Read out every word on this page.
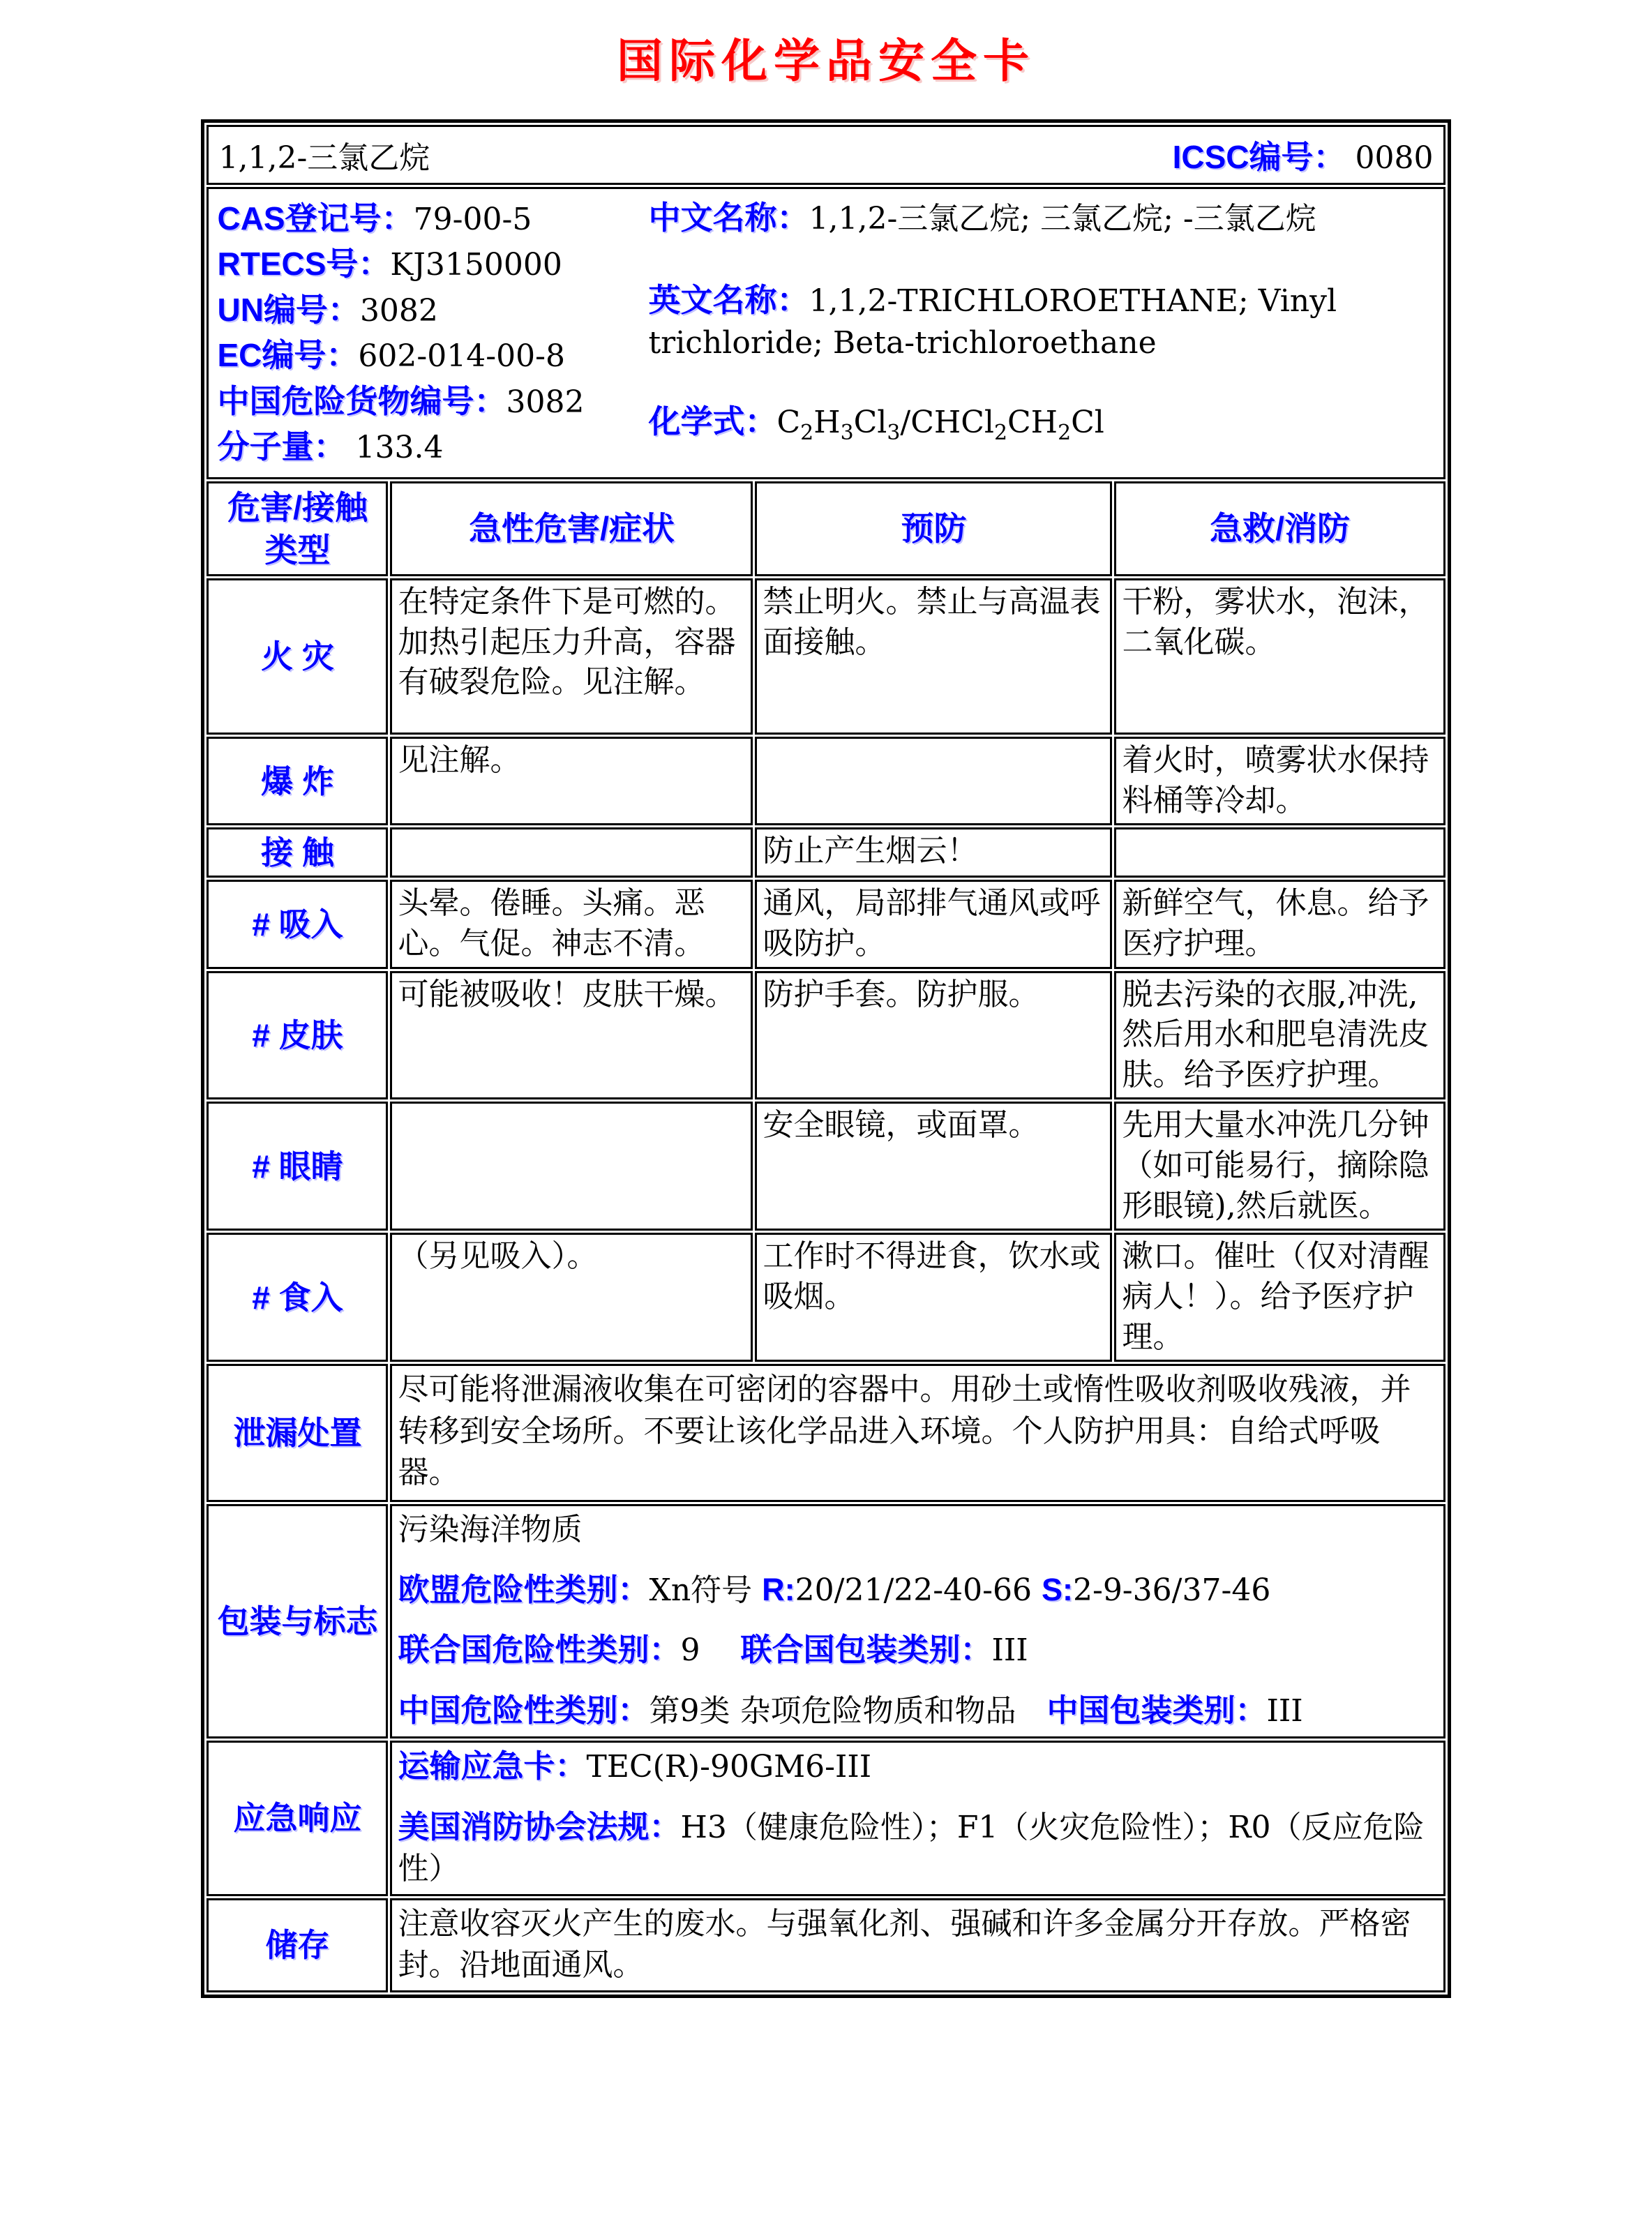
国际化学品安全卡
1,1,2-三氯乙烷 ICSC编号： 0080			

CAS登记号：79-00-5
RTECS号：KJ3150000
UN编号：3082
EC编号：602-014-00-8
中国危险货物编号：3082
分子量： 133.4
中文名称：1,1,2-三氯乙烷; 三氯乙烷; -三氯乙烷
英文名称：1,1,2-TRICHLOROETHANE; Vinyl trichloride; Beta-trichloroethane
化学式：$C_2H_3Cl_3/CHCl_2CH_2Cl$

危害/接触 类型	急性危害/症状	预防	急救/消防
火 灾	在特定条件下是可燃的。加热引起压力升高，容器有破裂危险。见注解。	禁止明火。禁止与高温表面接触。	干粉，雾状水，泡沫，二氧化碳。
爆 炸	见注解。		着火时，喷雾状水保持料桶等冷却。
接 触		防止产生烟云！	
# 吸入	头晕。倦睡。头痛。恶心。气促。神志不清。	通风，局部排气通风或呼吸防护。	新鲜空气，休息。给予医疗护理。
# 皮肤	可能被吸收！皮肤干燥。	防护手套。防护服。	脱去污染的衣服,冲洗,然后用水和肥皂清洗皮肤。给予医疗护理。
# 眼睛		安全眼镜，或面罩。	先用大量水冲洗几分钟（如可能易行，摘除隐形眼镜),然后就医。
# 食入	（另见吸入）。	工作时不得进食，饮水或吸烟。	漱口。催吐（仅对清醒病人！）。给予医疗护理。
泄漏处置	尽可能将泄漏液收集在可密闭的容器中。用砂土或惰性吸收剂吸收残液，并转移到安全场所。不要让该化学品进入环境。个人防护用具：自给式呼吸器。		

包装与标志	污染海洋物质
欧盟危险性类别：Xn符号 R:20/21/22-40-66 S:2-9-36/37-46
联合国危险性类别：9　 联合国包装类别：III
中国危险性类别：第9类 杂项危险物质和物品　中国包装类别：III		

应急响应	运输应急卡：TEC(R)-90GM6-III
美国消防协会法规：H3（健康危险性）；F1（火灾危险性）；R0（反应危险性）		

储存	注意收容灭火产生的废水。与强氧化剂、强碱和许多金属分开存放。严格密封。沿地面通风。		
